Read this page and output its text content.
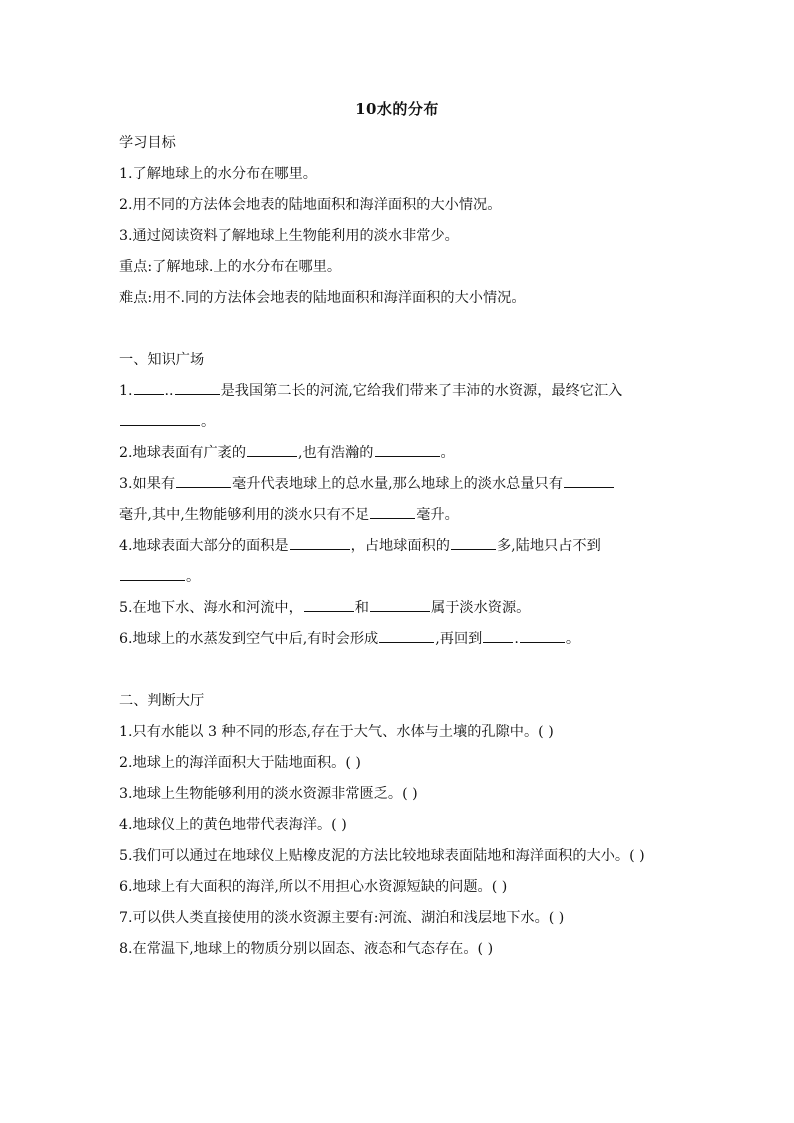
10水的分布
学习目标
1.了解地球上的水分布在哪里。
2.用不同的方法体会地表的陆地面积和海洋面积的大小情况。
3.通过阅读资料了解地球上生物能利用的淡水非常少。
重点:了解地球.上的水分布在哪里。
难点:用不.同的方法体会地表的陆地面积和海洋面积的大小情况。
一、知识广场
1. ..	是我国第二长的河流,它给我们带来了丰沛的水资源，最终它汇入
。
2.地球表面有广袤的	,也有浩瀚的	。
3.如果有	毫升代表地球上的总水量,那么地球上的淡水总量只有
毫升,其中,生物能够利用的淡水只有不足	毫升。
4.地球表面大部分的面积是	，占地球面积的	多,陆地只占不到
。
5.在地下水、海水和河流中，	和	属于淡水资源。
6.地球上的水蒸发到空气中后,有时会形成	,再回到 .	。
二、判断大厅
1.只有水能以 3 种不同的形态,存在于大气、水体与土壤的孔隙中。( )
2.地球上的海洋面积大于陆地面积。( )
3.地球上生物能够利用的淡水资源非常匮乏。( )
4.地球仪上的黄色地带代表海洋。( )
5.我们可以通过在地球仪上贴橡皮泥的方法比较地球表面陆地和海洋面积的大小。( )
6.地球上有大面积的海洋,所以不用担心水资源短缺的问题。( )
7.可以供人类直接使用的淡水资源主要有:河流、湖泊和浅层地下水。( )
8.在常温下,地球上的物质分别以固态、液态和气态存在。( )
